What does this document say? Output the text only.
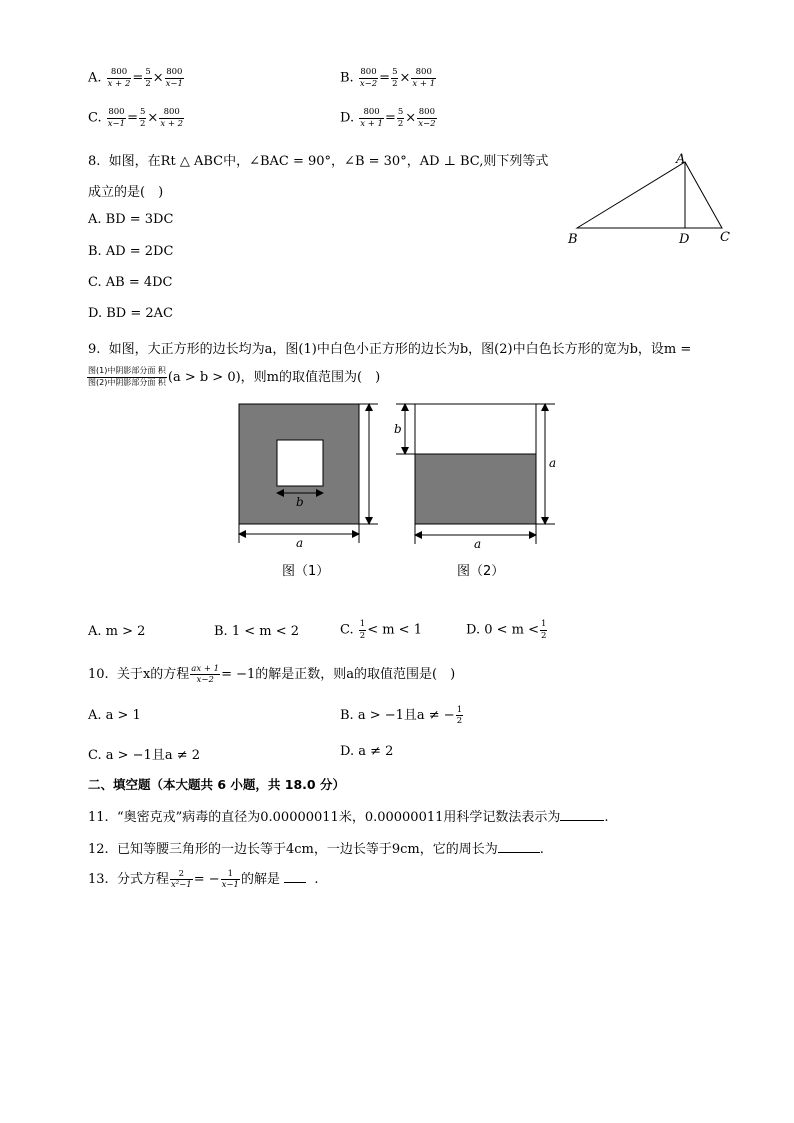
A. $\frac{800}{x + 2} = \frac{5}{2} \times \frac{800}{x-1}$	B. $\frac{800}{x-2} = \frac{5}{2} \times \frac{800}{x + 1}$
C. $\frac{800}{x-1} = \frac{5}{2} \times \frac{800}{x + 2}$	D. $\frac{800}{x + 1} = \frac{5}{2} \times \frac{800}{x-2}$
8. 如图，在Rt △ ABC中，∠BAC = 90°，∠B = 30°，AD ⊥ BC,则下列等式
成立的是(　)
A. BD = 3DC
B. AD = 2DC
C. AB = 4DC
D. BD = 2AC
A
B	D C
9. 如图，大正方形的边长均为a，图(1)中白色小正方形的边长为b，图(2)中白色长方形的宽为b，设m =
$\frac{\text{图(1)中阴影部分面 积}}{\text{图(2)中阴影部分面 积}} (a > b > 0)$，则m的取值范围为(　)
b
a
图（1）
b
a
a
图（2）
A. m > 2	B. 1 < m < 2	C. $\frac{1}{2} < m < 1$	D. $0 < m < \frac{1}{2}$
10. 关于x的方程 $\frac{ax + 1}{x-2} = -1$的解是正数，则a的取值范围是(　)
A. a > 1	B. a > −1且a ≠ − $\frac{1}{2}$
C. a > −1且a ≠ 2	D. a ≠ 2
二、填空题（本大题共 6 小题，共 18.0 分）
11. “奥密克戎”病毒的直径为0.00000011米，0.00000011用科学记数法表示为	.
12. 已知等腰三角形的一边长等于4cm，一边长等于9cm，它的周长为	.
13. 分式方程 $\frac{2}{\text{x²−1}}$ = − $\frac{1}{x-1}$ 的解是	.
